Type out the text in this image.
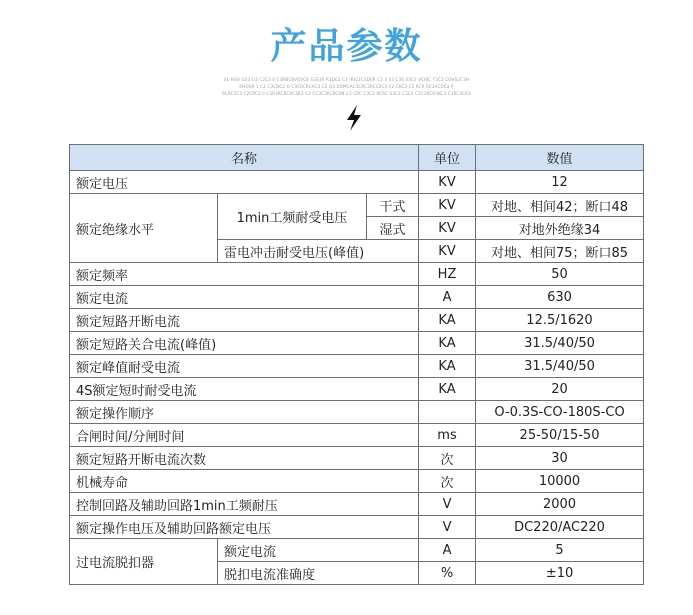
产品参数
XL HGV G23,G3 C2C3 0 C3RNCBVOVC8 S3S3R R3DC2 C3 IRIC2C3DVR C3 3 S3 C3S S3C3 VCIRC F3C3 COHS2C3H
RHOSR 1 C2 C3CNC2 O C3CRCRCAC3 C2 Q3 DOMCAC3CRC3RCC2C3 C2 CKC3 C3 RCR RC3ACOC3 P
RCRC2C3 C2CPC3 0 C3R3RCRCAC3R3 C3 CC3C3RCRCRN C3 CRC C3C3 RCRC S3C3 C3C3 C2C3RCR3KC3 C3RC3CR3
名称			单位	数值
额定电压			KV	12
额定绝缘水平	1min工频耐受电压	干式	KV	对地、相间42；断口48
		湿式	KV	对地外绝缘34
	雷电冲击耐受电压(峰值)		KV	对地、相间75；断口85
额定频率			HZ	50
额定电流			A	630
额定短路开断电流			KA	12.5/1620
额定短路关合电流(峰值)			KA	31.5/40/50
额定峰值耐受电流			KA	31.5/40/50
4S额定短时耐受电流			KA	20
额定操作顺序				O-0.3S-CO-180S-CO
合闸时间/分闸时间			ms	25-50/15-50
额定短路开断电流次数			次	30
机械寿命			次	10000
控制回路及辅助回路1min工频耐压			V	2000
额定操作电压及辅助回路额定电压			V	DC220/AC220
过电流脱扣器	额定电流		A	5
	脱扣电流准确度		%	±10
